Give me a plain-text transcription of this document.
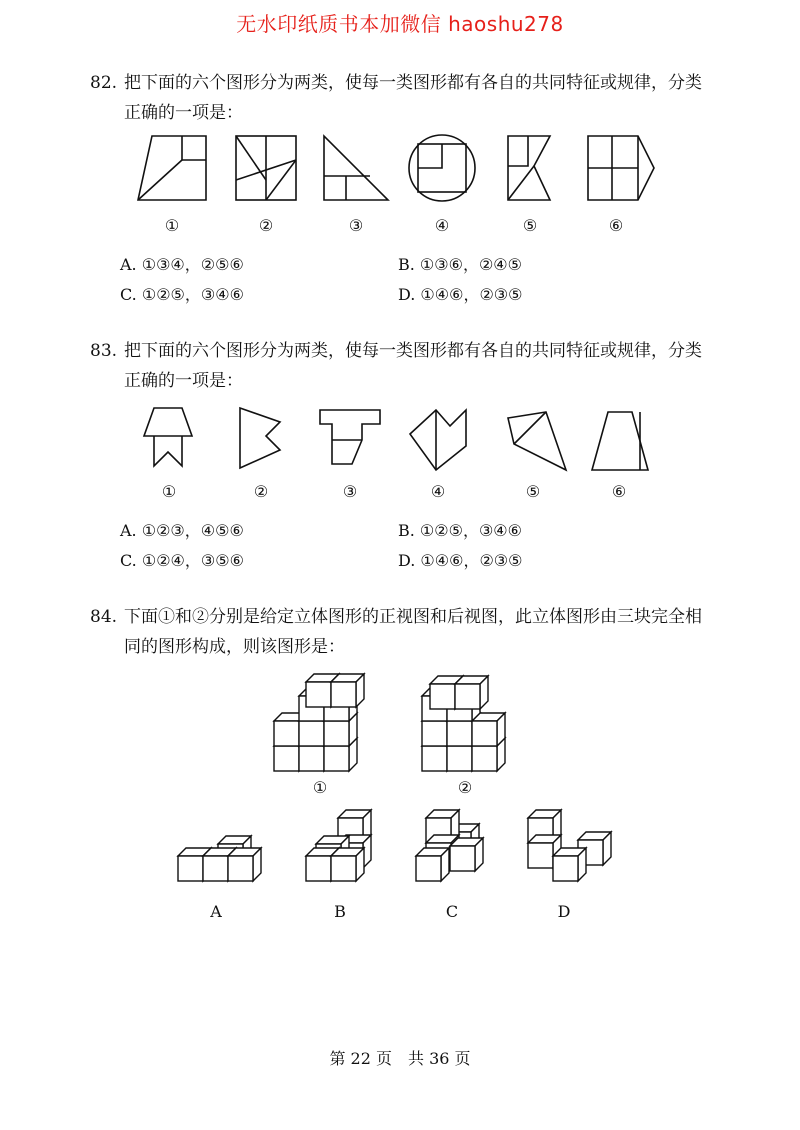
无水印纸质书本加微信 haoshu278

82. 把下面的六个图形分为两类，使每一类图形都有各自的共同特征或规律，分类

正确的一项是：

①	②	③	④	⑤	⑥
A. ①③④，②⑤⑥	B. ①③⑥，②④⑤
C. ①②⑤，③④⑥	D. ①④⑥，②③⑤

83. 把下面的六个图形分为两类，使每一类图形都有各自的共同特征或规律，分类

正确的一项是：

①	②	③	④	⑤	⑥
A. ①②③，④⑤⑥	B. ①②⑤，③④⑥
C. ①②④，③⑤⑥	D. ①④⑥，②③⑤

84. 下面①和②分别是给定立体图形的正视图和后视图，此立体图形由三块完全相

同的图形构成，则该图形是：

①	②
A	B	C	D
第 22 页　共 36 页
